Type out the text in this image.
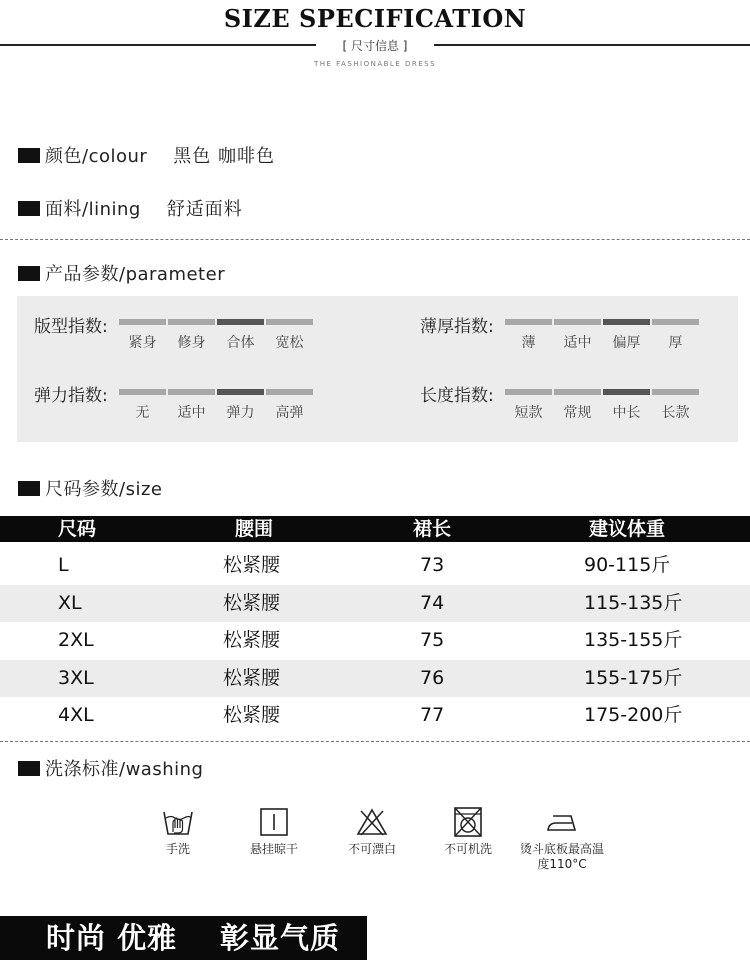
SIZE SPECIFICATION
[ 尺寸信息 ]
THE FASHIONABLE DRESS
颜色/colour 黑色 咖啡色
面料/lining 舒适面料
产品参数/parameter
版型指数:
紧身 修身 合体 宽松
薄厚指数:
薄 适中 偏厚 厚
弹力指数:
无 适中 弹力 高弹
长度指数:
短款 常规 中长 长款
尺码参数/size
尺码	腰围	裙长	建议体重
L	松紧腰	73	90-115斤
XL	松紧腰	74	115-135斤
2XL	松紧腰	75	135-155斤
3XL	松紧腰	76	155-175斤
4XL	松紧腰	77	175-200斤
洗涤标准/washing
手洗	悬挂晾干	不可漂白	不可机洗 烫斗底板最高温度110°C
时尚 优雅 彰显气质
